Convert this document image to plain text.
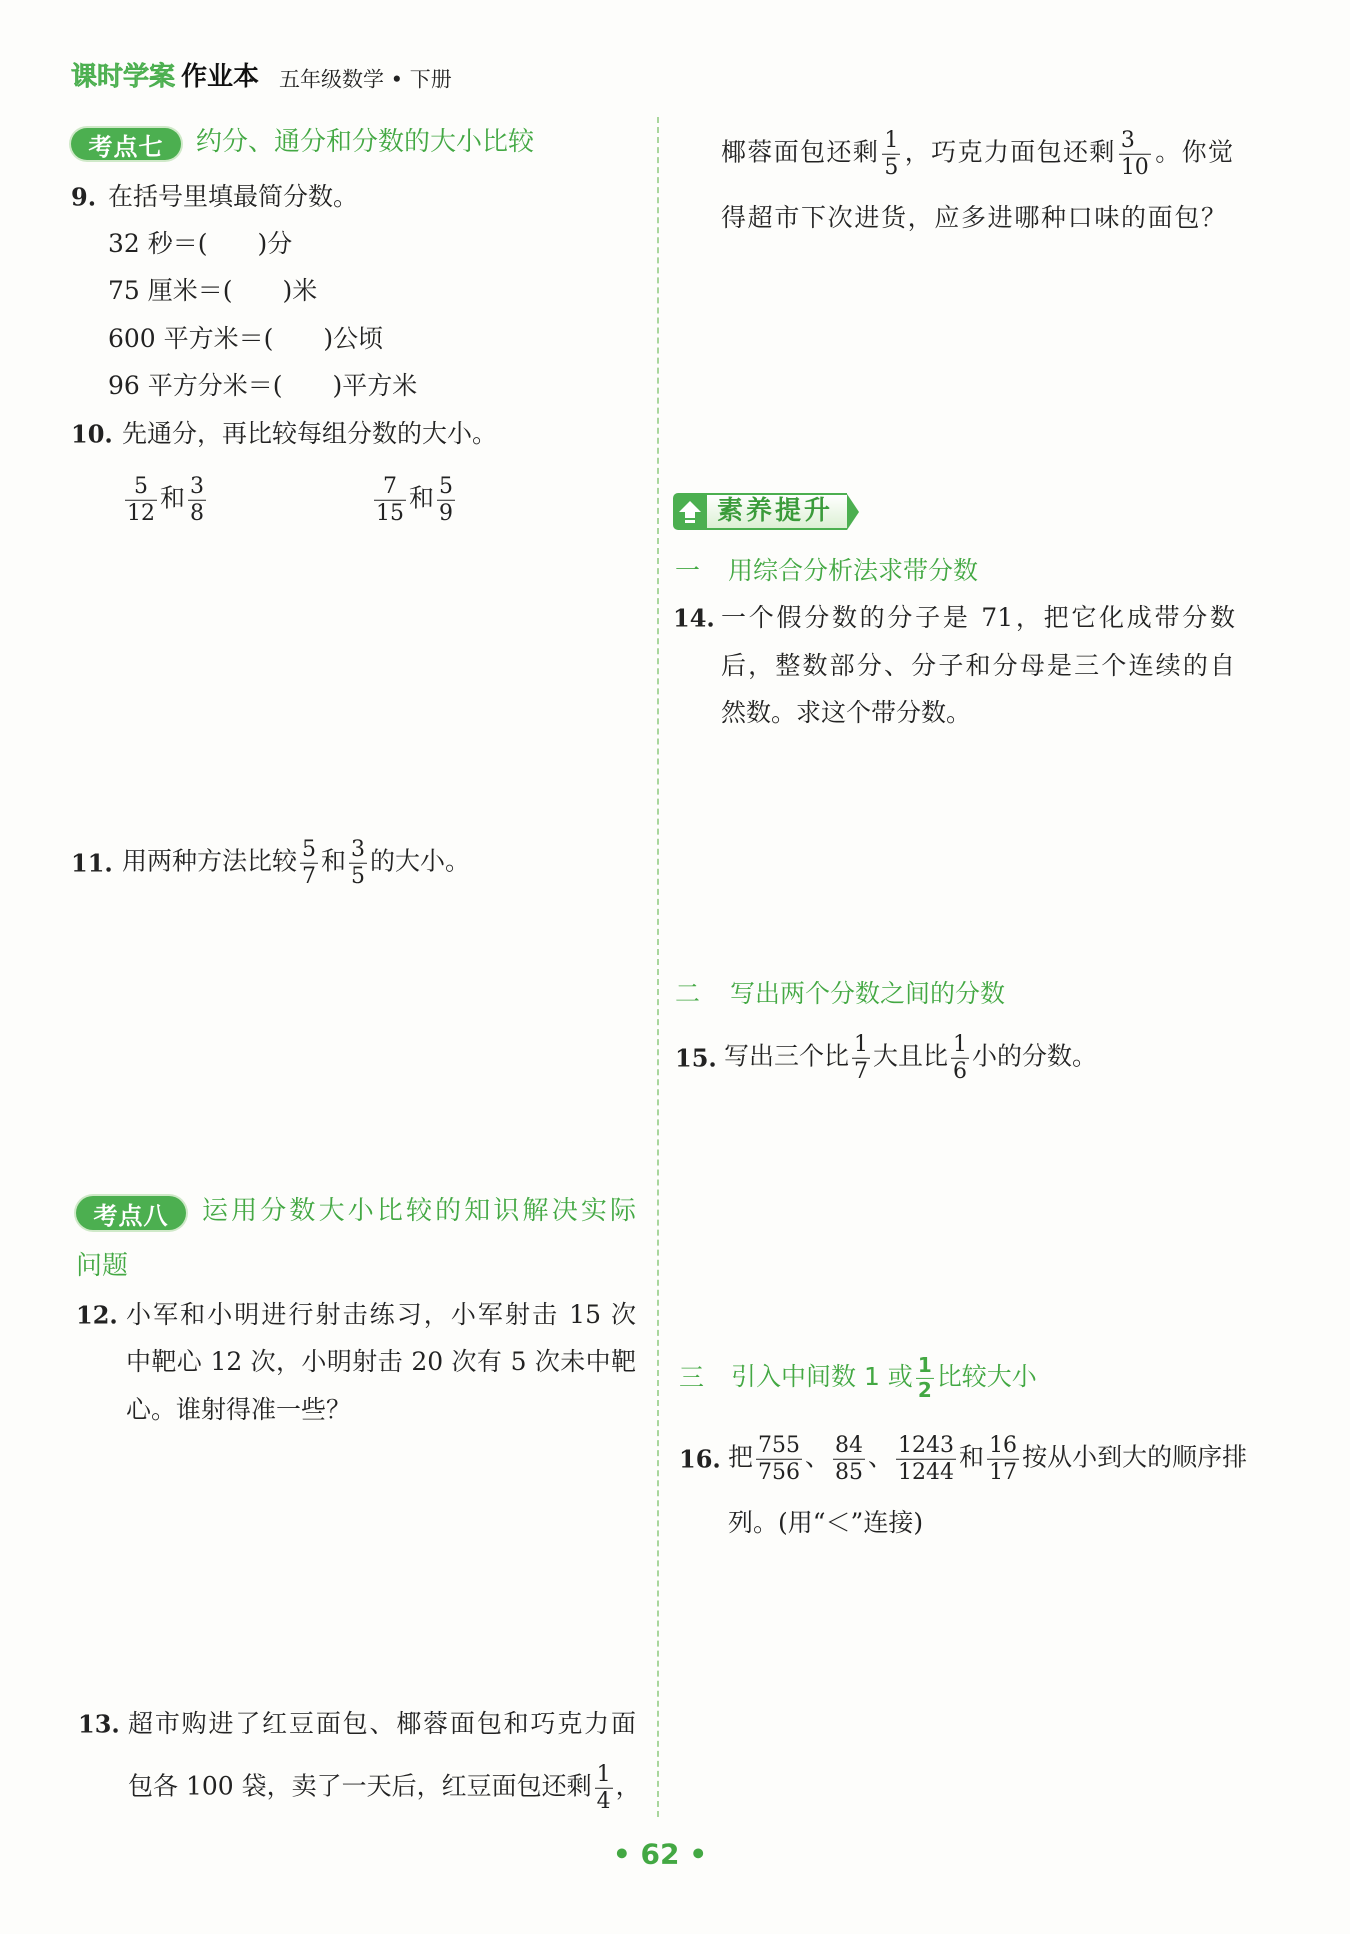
课时学案 作业本 五年级数学 • 下册
考点七	约分、通分和分数的大小比较
9. 在括号里填最简分数。
32 秒＝(　　)分
75 厘米＝(　　)米
600 平方米＝(　　)公顷
96 平方分米＝(　　)平方米
10. 先通分，再比较每组分数的大小。
$\frac{5}{12}$ 和 $\frac{3}{8}$	$\frac{7}{15}$ 和 $\frac{5}{9}$
11. 用两种方法比较 $\frac{5}{7}$ 和 $\frac{3}{5}$ 的大小。
考点八	运用分数大小比较的知识解决实际
问题
12. 小军和小明进行射击练习，小军射击 15 次
中靶心 12 次，小明射击 20 次有 5 次未中靶
心。谁射得准一些？
13. 超市购进了红豆面包、椰蓉面包和巧克力面
包各 100 袋，卖了一天后，红豆面包还剩 $\frac{1}{4}$ ，
椰蓉面包还剩 $\frac{1}{5}$ ，巧克力面包还剩 $\frac{3}{10}$ 。你觉
得超市下次进货，应多进哪种口味的面包？
素养提升
一 用综合分析法求带分数
14. 一个假分数的分子是 71，把它化成带分数
后，整数部分、分子和分母是三个连续的自
然数。求这个带分数。
二 写出两个分数之间的分数
15. 写出三个比 $\frac{1}{7}$ 大且比 $\frac{1}{6}$ 小的分数。
三 引入中间数 1 或 $\frac{1}{2}$ 比较大小
16. 把 $\frac{755}{756}$ 、 $\frac{84}{85}$ 、 $\frac{1243}{1244}$ 和 $\frac{16}{17}$ 按从小到大的顺序排
列。(用“＜”连接)
• 62 •
